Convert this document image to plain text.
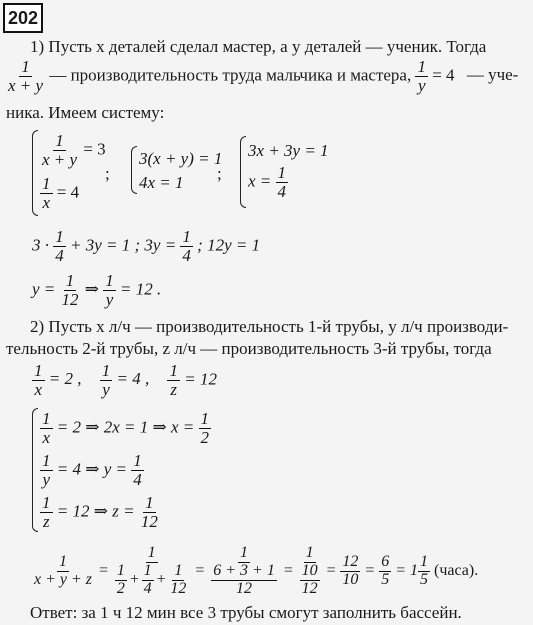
202
1) Пусть x деталей сделал мастер, а y деталей — ученик. Тогда
$\frac{1}{x + y}$ — производительность труда мальчика и мастера, $\frac{1}{y} = 4$ — уче-
ника. Имеем систему:
$\frac{1}{x + y} = 3$
$\frac{1}{x} = 4$
;
3(x + y) = 1
4x = 1 ;
3x + 3y = 1
$x = \frac{1}{4}$
$3 \cdot \frac{1}{4} + 3y = 1$ ; $3y = \frac{1}{4}$ ; 12y = 1
$y = \frac{1}{12}$ ⇒ $\frac{1}{y} = 12$ .
2) Пусть x л/ч — производительность 1-й трубы, y л/ч производи-
тельность 2-й трубы, z л/ч — производительность 3-й трубы, тогда
$\frac{1}{x} = 2$ , $\frac{1}{y} = 4$ , $\frac{1}{z} = 12$
$\frac{1}{x} = 2$ ⇒ 2x = 1 ⇒ $x = \frac{1}{2}$
$\frac{1}{y} = 4$ ⇒ $y = \frac{1}{4}$
$\frac{1}{z} = 12$ ⇒ $z = \frac{1}{12}$
$\frac{1}{x + y + z} = \frac{1}{\frac{1}{2} + \frac{1}{4} + \frac{1}{12}} = \frac{1}{\frac{6 + 3 + 1}{12}} = \frac{1}{\frac{10}{12}} = \frac{12}{10} = \frac{6}{5} = 1 \frac{1}{5}$ (часа).
Ответ: за 1 ч 12 мин все 3 трубы смогут заполнить бассейн.
